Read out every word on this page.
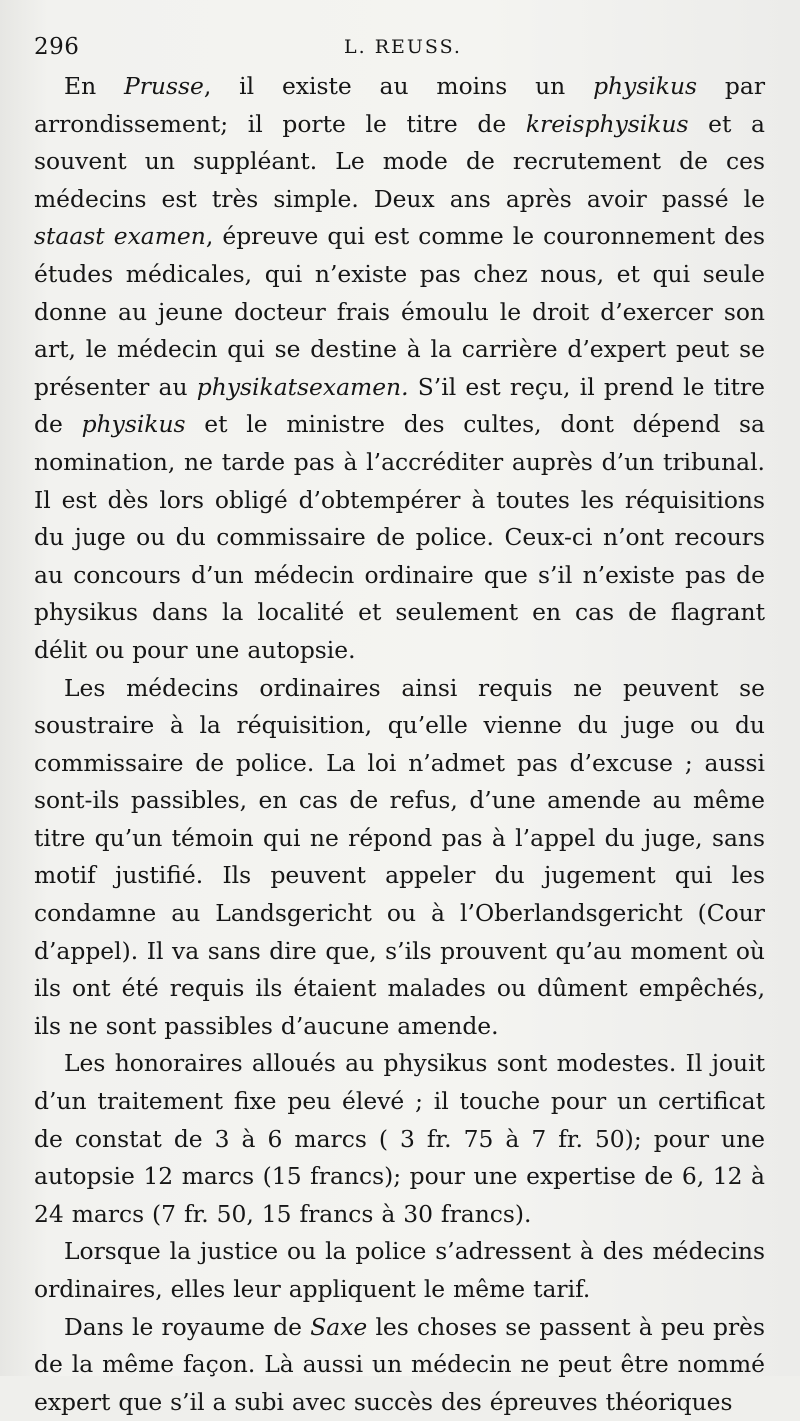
296	L. REUSS.

En Prusse, il existe au moins un physikus par arrondissement; il porte le titre de kreisphysikus et a souvent un suppléant. Le mode de recrutement de ces médecins est très simple. Deux ans après avoir passé le staast examen, épreuve qui est comme le couronnement des études médicales, qui n’existe pas chez nous, et qui seule donne au jeune docteur frais émoulu le droit d’exercer son art, le médecin qui se destine à la carrière d’expert peut se présenter au physikatsexamen. S’il est reçu, il prend le titre de physikus et le ministre des cultes, dont dépend sa nomination, ne tarde pas à l’accréditer auprès d’un tribunal. Il est dès lors obligé d’obtempérer à toutes les réquisitions du juge ou du commissaire de police. Ceux-ci n’ont recours au concours d’un médecin ordinaire que s’il n’existe pas de physikus dans la localité et seulement en cas de flagrant délit ou pour une autopsie.

Les médecins ordinaires ainsi requis ne peuvent se soustraire à la réquisition, qu’elle vienne du juge ou du commissaire de police. La loi n’admet pas d’excuse ; aussi sont-ils passibles, en cas de refus, d’une amende au même titre qu’un témoin qui ne répond pas à l’appel du juge, sans motif justifié. Ils peuvent appeler du jugement qui les condamne au Landsgericht ou à l’Oberlandsgericht (Cour d’appel). Il va sans dire que, s’ils prouvent qu’au moment où ils ont été requis ils étaient malades ou dûment empêchés, ils ne sont passibles d’aucune amende.

Les honoraires alloués au physikus sont modestes. Il jouit d’un traitement fixe peu élevé ; il touche pour un certificat de constat de 3 à 6 marcs ( 3 fr. 75 à 7 fr. 50); pour une autopsie 12 marcs (15 francs); pour une expertise de 6, 12 à 24 marcs (7 fr. 50, 15 francs à 30 francs).

Lorsque la justice ou la police s’adressent à des médecins ordinaires, elles leur appliquent le même tarif.

Dans le royaume de Saxe les choses se passent à peu près de la même façon. Là aussi un médecin ne peut être nommé expert que s’il a subi avec succès des épreuves théoriques
